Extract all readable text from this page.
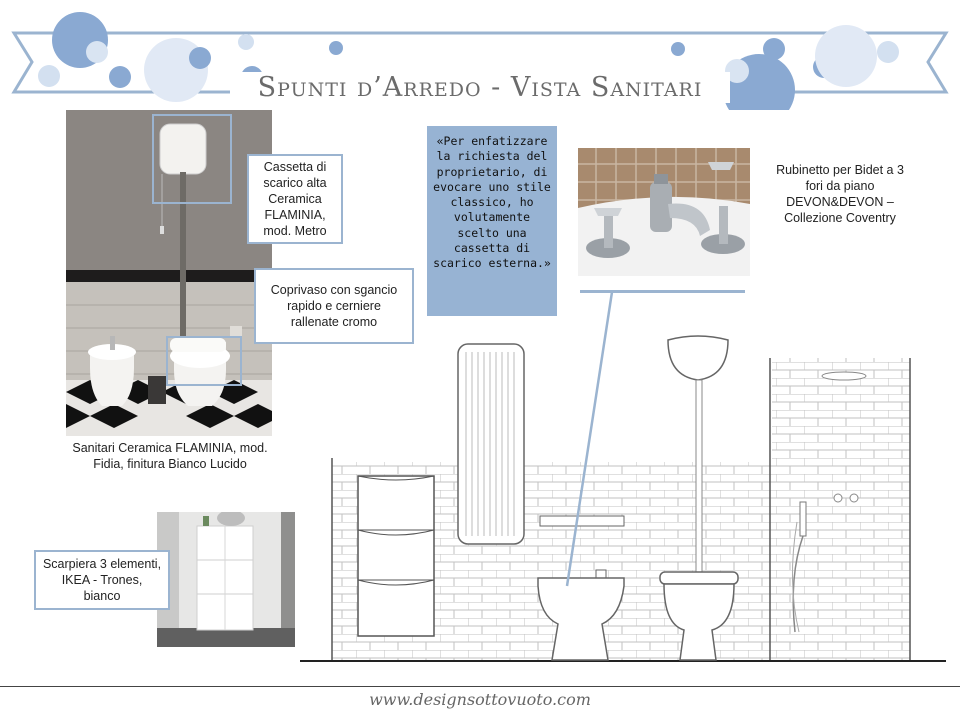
Spunti d’Arredo - Vista Sanitari
Cassetta di scarico alta Ceramica FLAMINIA, mod. Metro
Coprivaso con sgancio rapido e cerniere rallenate cromo
Sanitari Ceramica FLAMINIA, mod. Fidia, finitura Bianco Lucido
«Per enfatizzare la richiesta del proprietario, di evocare uno stile classico, ho volutamente scelto una cassetta di scarico esterna.»
Rubinetto per Bidet a 3 fori da piano DEVON&DEVON – Collezione Coventry
Scarpiera 3 elementi, IKEA - Trones, bianco
www.designsottovuoto.com
